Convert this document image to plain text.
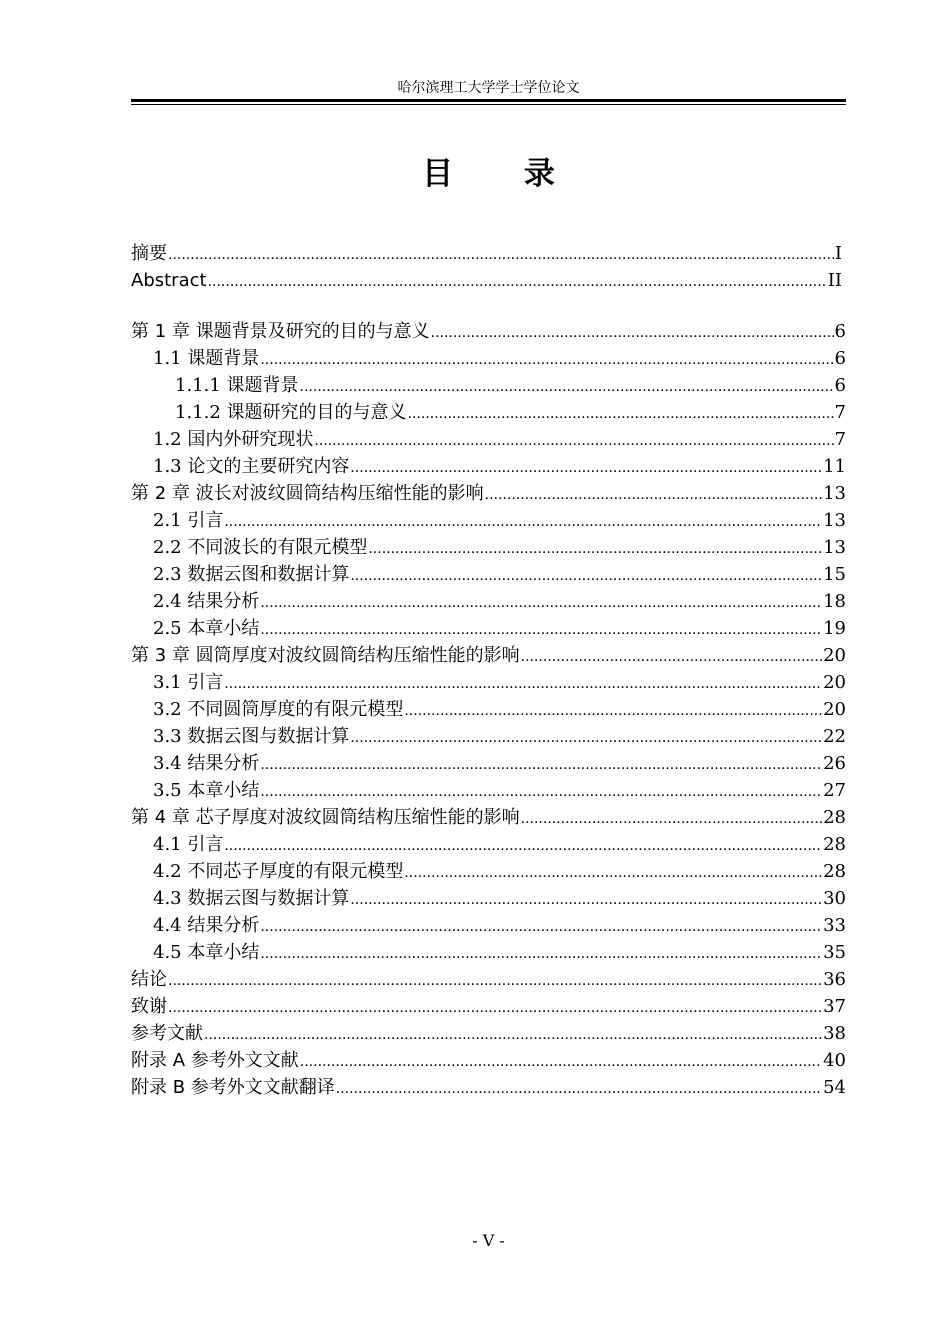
哈尔滨理工大学学士学位论文
目 录
摘要 .....	I
Abstract .....	II
第 1 章 课题背景及研究的目的与意义 .....	6
1.1 课题背景 .....	6
1.1.1 课题背景 .....	6
1.1.2 课题研究的目的与意义 .....	7
1.2 国内外研究现状 .....	7
1.3 论文的主要研究内容 .....	11
第 2 章 波长对波纹圆筒结构压缩性能的影响 .....	13
2.1 引言 .....	13
2.2 不同波长的有限元模型 .....	13
2.3 数据云图和数据计算 .....	15
2.4 结果分析 .....	18
2.5 本章小结 .....	19
第 3 章 圆筒厚度对波纹圆筒结构压缩性能的影响 .....	20
3.1 引言 .....	20
3.2 不同圆筒厚度的有限元模型 .....	20
3.3 数据云图与数据计算 .....	22
3.4 结果分析 .....	26
3.5 本章小结 .....	27
第 4 章 芯子厚度对波纹圆筒结构压缩性能的影响 .....	28
4.1 引言 .....	28
4.2 不同芯子厚度的有限元模型 .....	28
4.3 数据云图与数据计算 .....	30
4.4 结果分析 .....	33
4.5 本章小结 .....	35
结论 .....	36
致谢 .....	37
参考文献 .....	38
附录 A 参考外文文献 .....	40
附录 B 参考外文文献翻译 .....	54
- V -
